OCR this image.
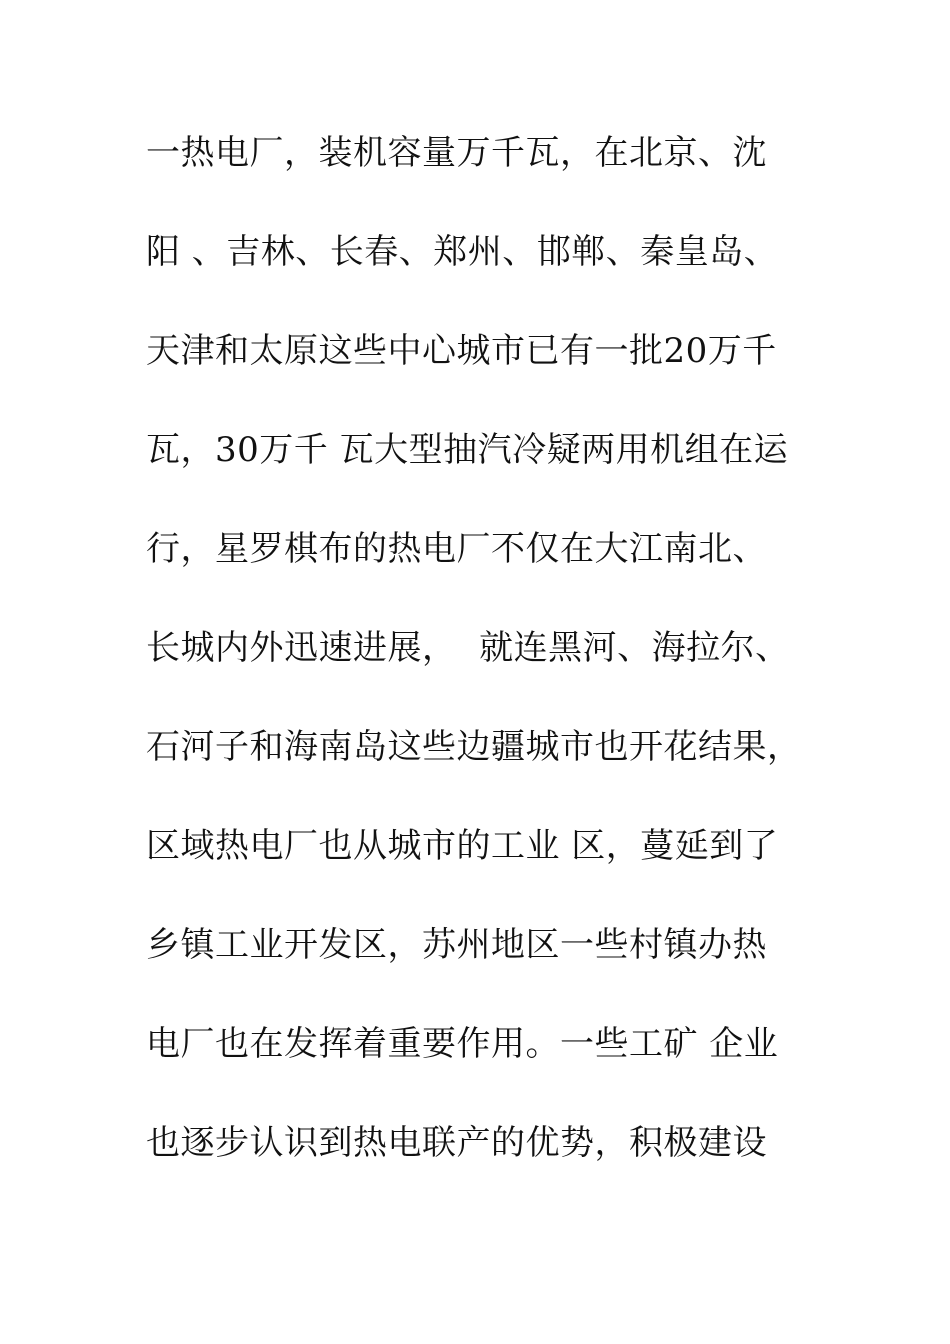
一热电厂，装机容量万千瓦，在北京、沈
阳 、吉林、长春、郑州、邯郸、秦皇岛、
天津和太原这些中心城市已有一批20万千
瓦，30万千 瓦大型抽汽冷疑两用机组在运
行，星罗棋布的热电厂不仅在大江南北、
长城内外迅速进展，  就连黑河、海拉尔、
石河子和海南岛这些边疆城市也开花结果，
区域热电厂也从城市的工业 区，蔓延到了
乡镇工业开发区，苏州地区一些村镇办热
电厂也在发挥着重要作用。一些工矿 企业
也逐步认识到热电联产的优势，积极建设
